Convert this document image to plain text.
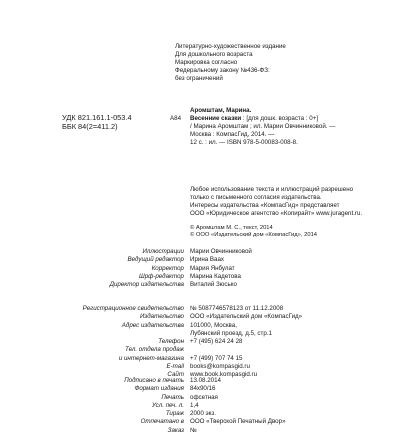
Литературно-художественное издание
Для дошкольного возраста
Маркировка согласно
Федеральному закону №436-ФЗ:
без ограничений
УДК 821.161.1-053.4
ББК 84(2=411.2)
А84
Аромштам, Марина.
Весенние сказки : [для дошк. возраста : 0+]
/ Марина Аромштам ; ил. Марии Овчинниковой. —
Москва : КомпасГид, 2014. —
12 с. : ил. — ISBN 978-5-00083-008-8.
Любое использование текста и иллюстраций разрешено
только с письменного согласия издательства.
Интересы издательства «КомпасГид» представляет
ООО «Юридическое агентство «Копирайт» www.juragent.ru.
© Аромштам М. С., текст, 2014
© ООО «Издательский дом «КомпасГид», 2014
Иллюстрации Марии Овчинниковой
Ведущий редактор Ирина Ваах
Корректор Мария Янбулат
Шрф-редактор Марина Кадетова
Директор издательства Виталий Зюсько
Регистрационное свидетельство № 5087746578123 от 11.12.2008
Издательство ООО «Издательский дом «КомпасГид»
Адрес издательства 101000, Москва,
Лубянский проезд, д.5, стр.1
Телефон +7 (495) 624 24 28
Тел. отдела продаж
и интернет-магазина +7 (499) 707 74 15
E-mail books@kompasgid.ru
Сайт www.book.kompasgid.ru
Подписано в печать 13.08.2014
Формат издания 84х90/16
Печать офсетная
Усл. печ. л. 1,4
Тираж 2000 экз.
Отпечатано в ООО «Тверской Печатный Двор»
Заказ №
